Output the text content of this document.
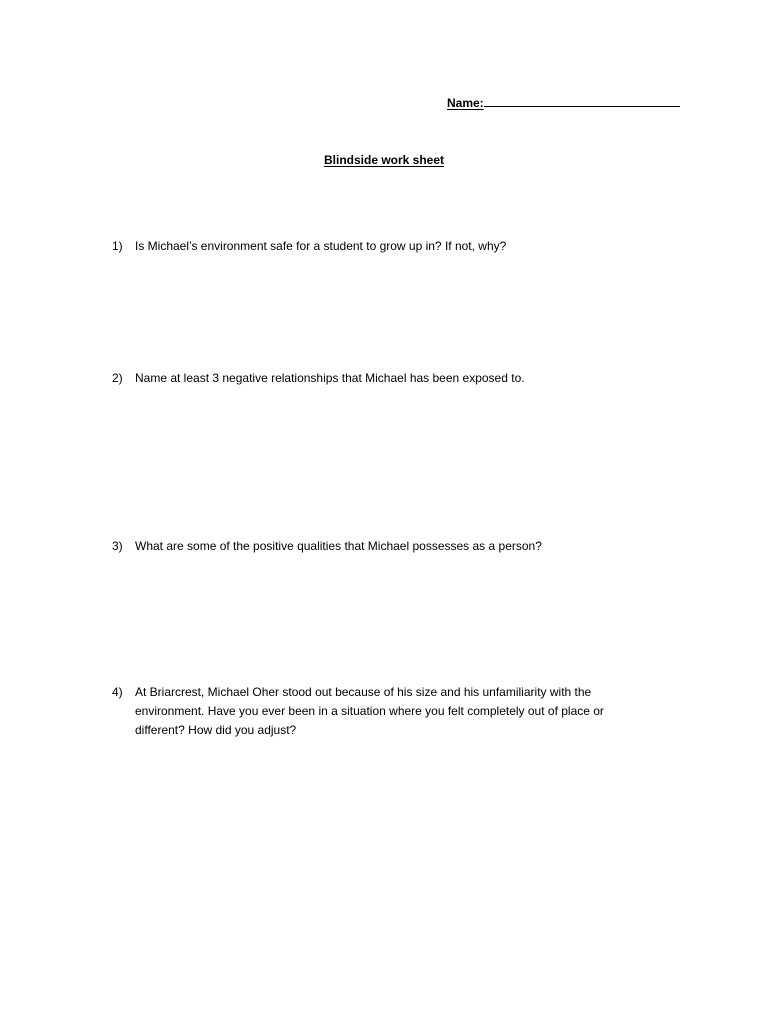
Name:
Blindside work sheet
1)	Is Michael’s environment safe for a student to grow up in? If not, why?
2)	Name at least 3 negative relationships that Michael has been exposed to.
3)	What are some of the positive qualities that Michael possesses as a person?
4)	At Briarcrest, Michael Oher stood out because of his size and his unfamiliarity with the environment. Have you ever been in a situation where you felt completely out of place or different? How did you adjust?
